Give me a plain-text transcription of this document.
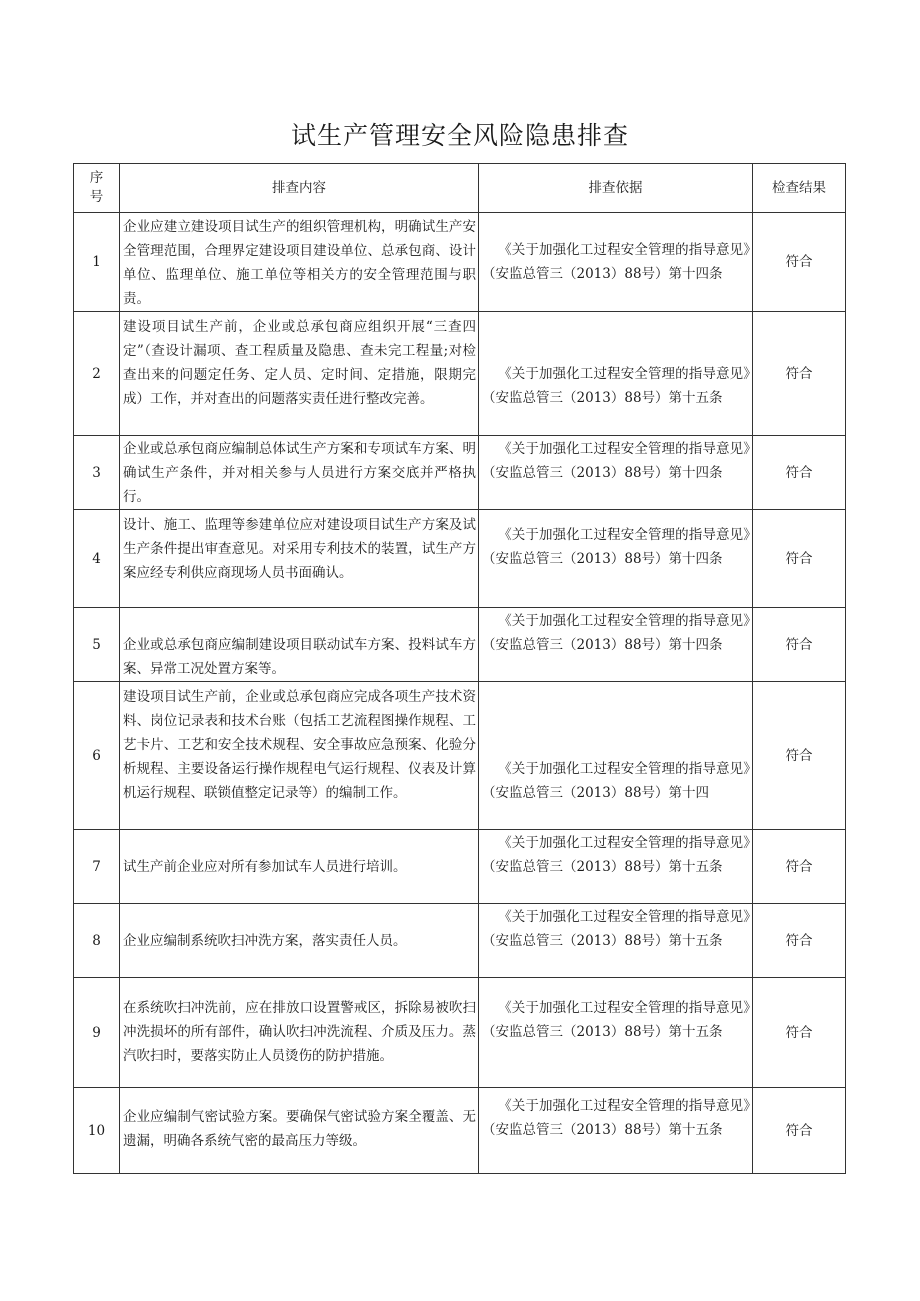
试生产管理安全风险隐患排查
序号	排查内容	排查依据	检查结果
1	企业应建立建设项目试生产的组织管理机构，明确试生产安全管理范围，合理界定建设项目建设单位、总承包商、设计单位、监理单位、施工单位等相关方的安全管理范围与职责。	《关于加强化工过程安全管理的指导意见》（安监总管三（2013）88号）第十四条	符合
2	建设项目试生产前，企业或总承包商应组织开展“三查四定”（查设计漏项、查工程质量及隐患、查未完工程量;对检查出来的问题定任务、定人员、定时间、定措施，限期完成）工作，并对查出的问题落实责任进行整改完善。	《关于加强化工过程安全管理的指导意见》（安监总管三（2013）88号）第十五条	符合
3	企业或总承包商应编制总体试生产方案和专项试车方案、明确试生产条件，并对相关参与人员进行方案交底并严格执行。	《关于加强化工过程安全管理的指导意见》（安监总管三（2013）88号）第十四条	符合
4	设计、施工、监理等参建单位应对建设项目试生产方案及试生产条件提出审查意见。对采用专利技术的装置，试生产方案应经专利供应商现场人员书面确认。	《关于加强化工过程安全管理的指导意见》（安监总管三（2013）88号）第十四条	符合
5	企业或总承包商应编制建设项目联动试车方案、投料试车方案、异常工况处置方案等。	《关于加强化工过程安全管理的指导意见》（安监总管三（2013）88号）第十四条	符合
6	建设项目试生产前，企业或总承包商应完成各项生产技术资料、岗位记录表和技术台账（包括工艺流程图操作规程、工艺卡片、工艺和安全技术规程、安全事故应急预案、化验分析规程、主要设备运行操作规程电气运行规程、仪表及计算机运行规程、联锁值整定记录等）的编制工作。	《关于加强化工过程安全管理的指导意见》（安监总管三（2013）88号）第十四	符合
7	试生产前企业应对所有参加试车人员进行培训。	《关于加强化工过程安全管理的指导意见》（安监总管三（2013）88号）第十五条	符合
8	企业应编制系统吹扫冲洗方案，落实责任人员。	《关于加强化工过程安全管理的指导意见》（安监总管三（2013）88号）第十五条	符合
9	在系统吹扫冲洗前，应在排放口设置警戒区，拆除易被吹扫冲洗损坏的所有部件，确认吹扫冲洗流程、介质及压力。蒸汽吹扫时，要落实防止人员烫伤的防护措施。	《关于加强化工过程安全管理的指导意见》（安监总管三（2013）88号）第十五条	符合
10	企业应编制气密试验方案。要确保气密试验方案全覆盖、无遗漏，明确各系统气密的最高压力等级。	《关于加强化工过程安全管理的指导意见》（安监总管三（2013）88号）第十五条	符合
